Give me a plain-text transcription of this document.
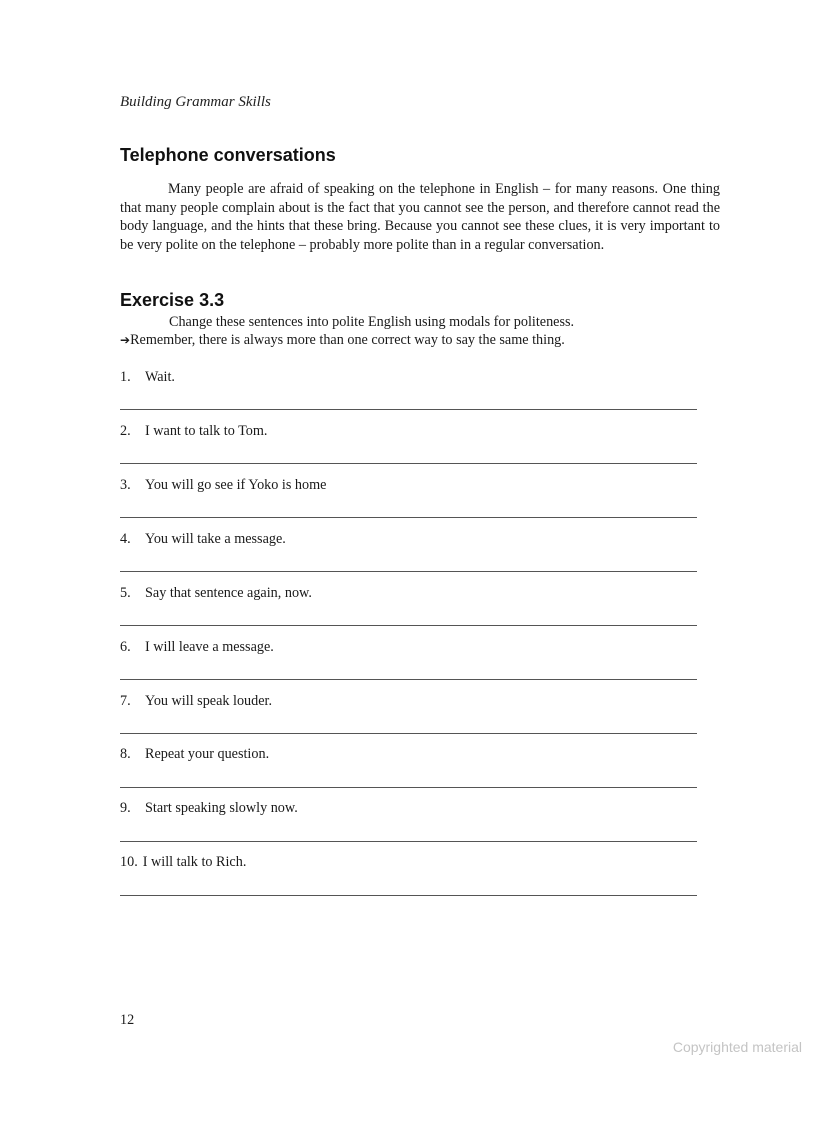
Building Grammar Skills
Telephone conversations

Many people are afraid of speaking on the telephone in English – for many reasons. One thing that many people complain about is the fact that you cannot see the person, and therefore cannot read the body language, and the hints that these bring. Because you cannot see these clues, it is very important to be very polite on the telephone – probably more polite than in a regular conversation.

Exercise 3.3
Change these sentences into polite English using modals for politeness.
➔Remember, there is always more than one correct way to say the same thing.
1. Wait.
2. I want to talk to Tom.
3. You will go see if Yoko is home
4. You will take a message.
5. Say that sentence again, now.
6. I will leave a message.
7. You will speak louder.
8. Repeat your question.
9. Start speaking slowly now.
10. I will talk to Rich.
12
Copyrighted material
